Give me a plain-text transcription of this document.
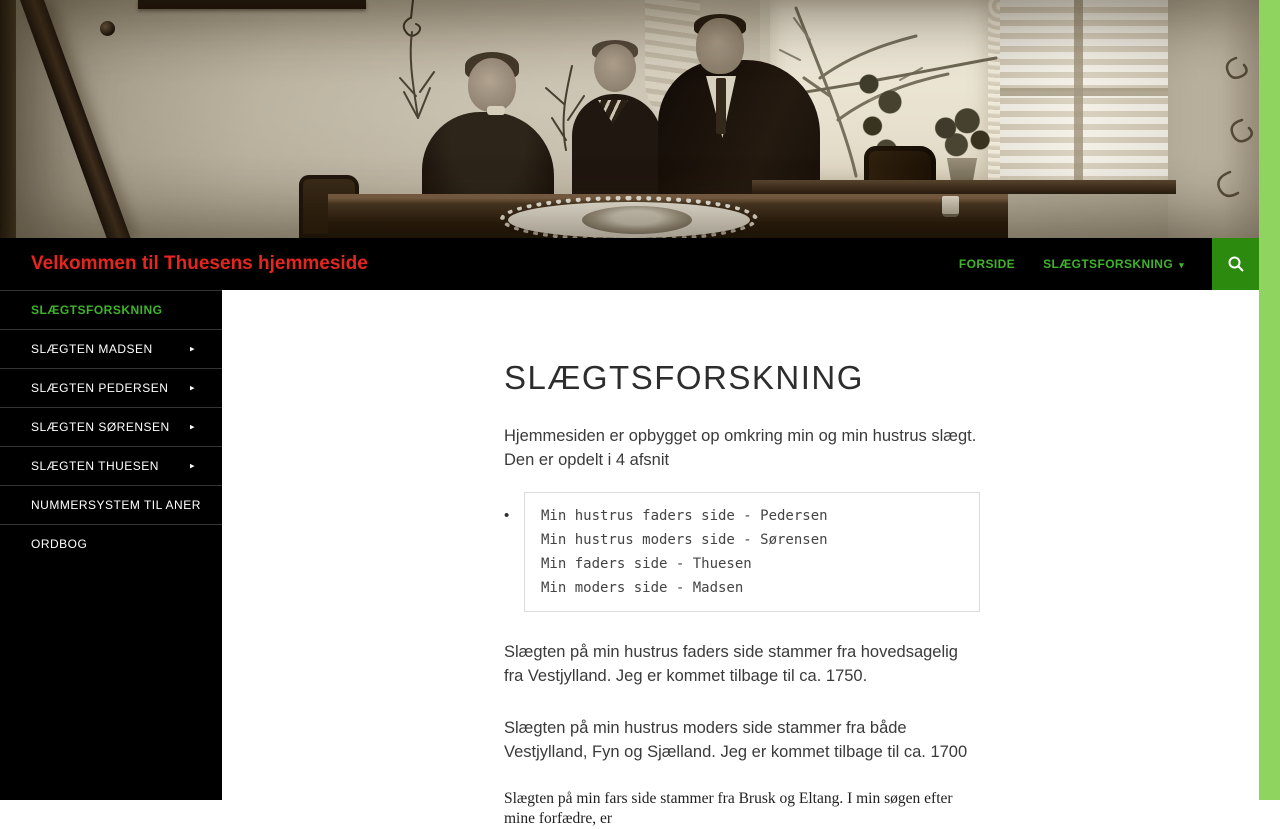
Velkommen til Thuesens hjemmeside	FORSIDE SLÆGTSFORSKNING ▾
SLÆGTSFORSKNING
SLÆGTEN MADSEN	▸
SLÆGTEN PEDERSEN ▸
SLÆGTEN SØRENSEN ▸
SLÆGTEN THUESEN	▸
NUMMERSYSTEM TIL ANER
ORDBOG
SLÆGTSFORSKNING

Hjemmesiden er opbygget op omkring min og min hustrus slægt. Den er opdelt i 4 afsnit

•	Min hustrus faders side - Pedersen
Min hustrus moders side - Sørensen
Min faders side - Thuesen
Min moders side - Madsen

Slægten på min hustrus faders side stammer fra hovedsagelig fra Vestjylland. Jeg er kommet tilbage til ca. 1750.

Slægten på min hustrus moders side stammer fra både Vestjylland, Fyn og Sjælland. Jeg er kommet tilbage til ca. 1700

Slægten på min fars side stammer fra Brusk og Eltang. I min søgen efter mine forfædre, er
